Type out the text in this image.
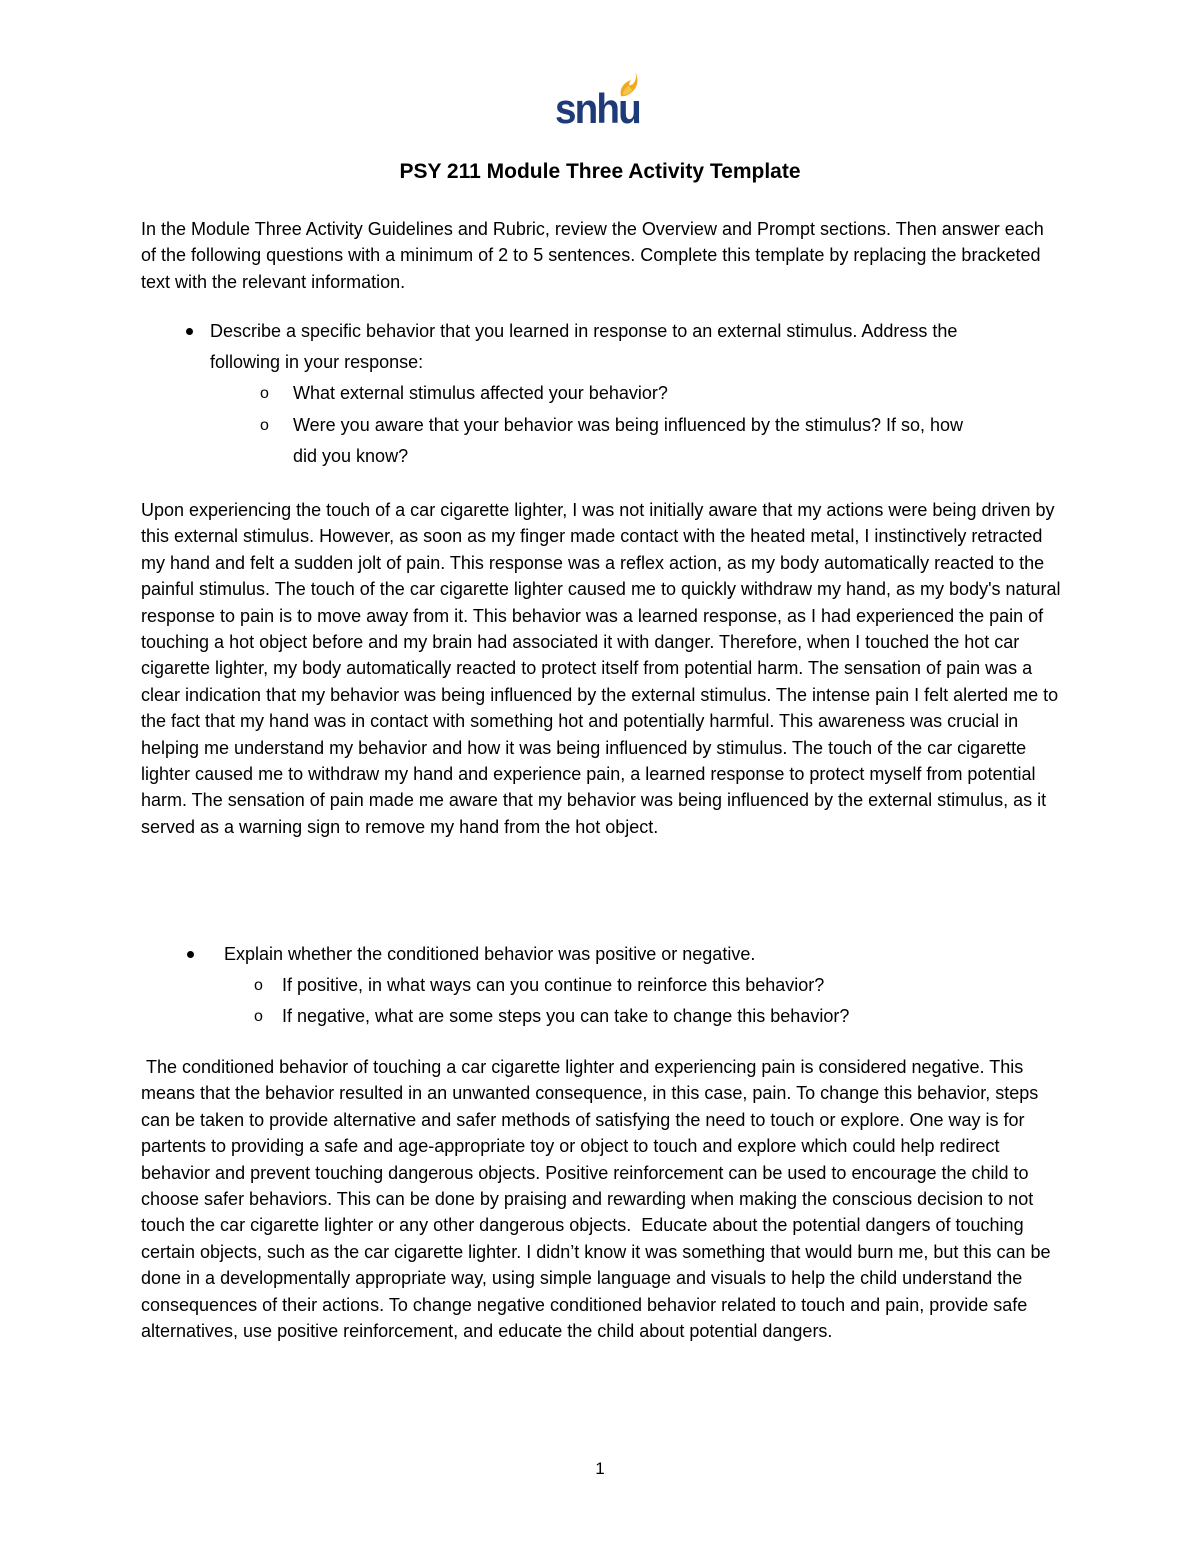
snhu
PSY 211 Module Three Activity Template

In the Module Three Activity Guidelines and Rubric, review the Overview and Prompt sections. Then answer each of the following questions with a minimum of 2 to 5 sentences. Complete this template by replacing the bracketed text with the relevant information.

Describe a specific behavior that you learned in response to an external stimulus. Address the
following in your response:
o What external stimulus affected your behavior?
o Were you aware that your behavior was being influenced by the stimulus? If so, how
did you know?

Upon experiencing the touch of a car cigarette lighter, I was not initially aware that my actions were being driven by this external stimulus. However, as soon as my finger made contact with the heated metal, I instinctively retracted my hand and felt a sudden jolt of pain. This response was a reflex action, as my body automatically reacted to the painful stimulus. The touch of the car cigarette lighter caused me to quickly withdraw my hand, as my body's natural response to pain is to move away from it. This behavior was a learned response, as I had experienced the pain of touching a hot object before and my brain had associated it with danger. Therefore, when I touched the hot car cigarette lighter, my body automatically reacted to protect itself from potential harm. The sensation of pain was a clear indication that my behavior was being influenced by the external stimulus. The intense pain I felt alerted me to the fact that my hand was in contact with something hot and potentially harmful. This awareness was crucial in helping me understand my behavior and how it was being influenced by stimulus. The touch of the car cigarette lighter caused me to withdraw my hand and experience pain, a learned response to protect myself from potential harm. The sensation of pain made me aware that my behavior was being influenced by the external stimulus, as it served as a warning sign to remove my hand from the hot object.

Explain whether the conditioned behavior was positive or negative.
o If positive, in what ways can you continue to reinforce this behavior?
o If negative, what are some steps you can take to change this behavior?

The conditioned behavior of touching a car cigarette lighter and experiencing pain is considered negative. This means that the behavior resulted in an unwanted consequence, in this case, pain. To change this behavior, steps can be taken to provide alternative and safer methods of satisfying the need to touch or explore. One way is for partents to providing a safe and age-appropriate toy or object to touch and explore which could help redirect behavior and prevent touching dangerous objects. Positive reinforcement can be used to encourage the child to choose safer behaviors. This can be done by praising and rewarding when making the conscious decision to not touch the car cigarette lighter or any other dangerous objects.  Educate about the potential dangers of touching certain objects, such as the car cigarette lighter. I didn’t know it was something that would burn me, but this can be done in a developmentally appropriate way, using simple language and visuals to help the child understand the consequences of their actions. To change negative conditioned behavior related to touch and pain, provide safe alternatives, use positive reinforcement, and educate the child about potential dangers.

1
